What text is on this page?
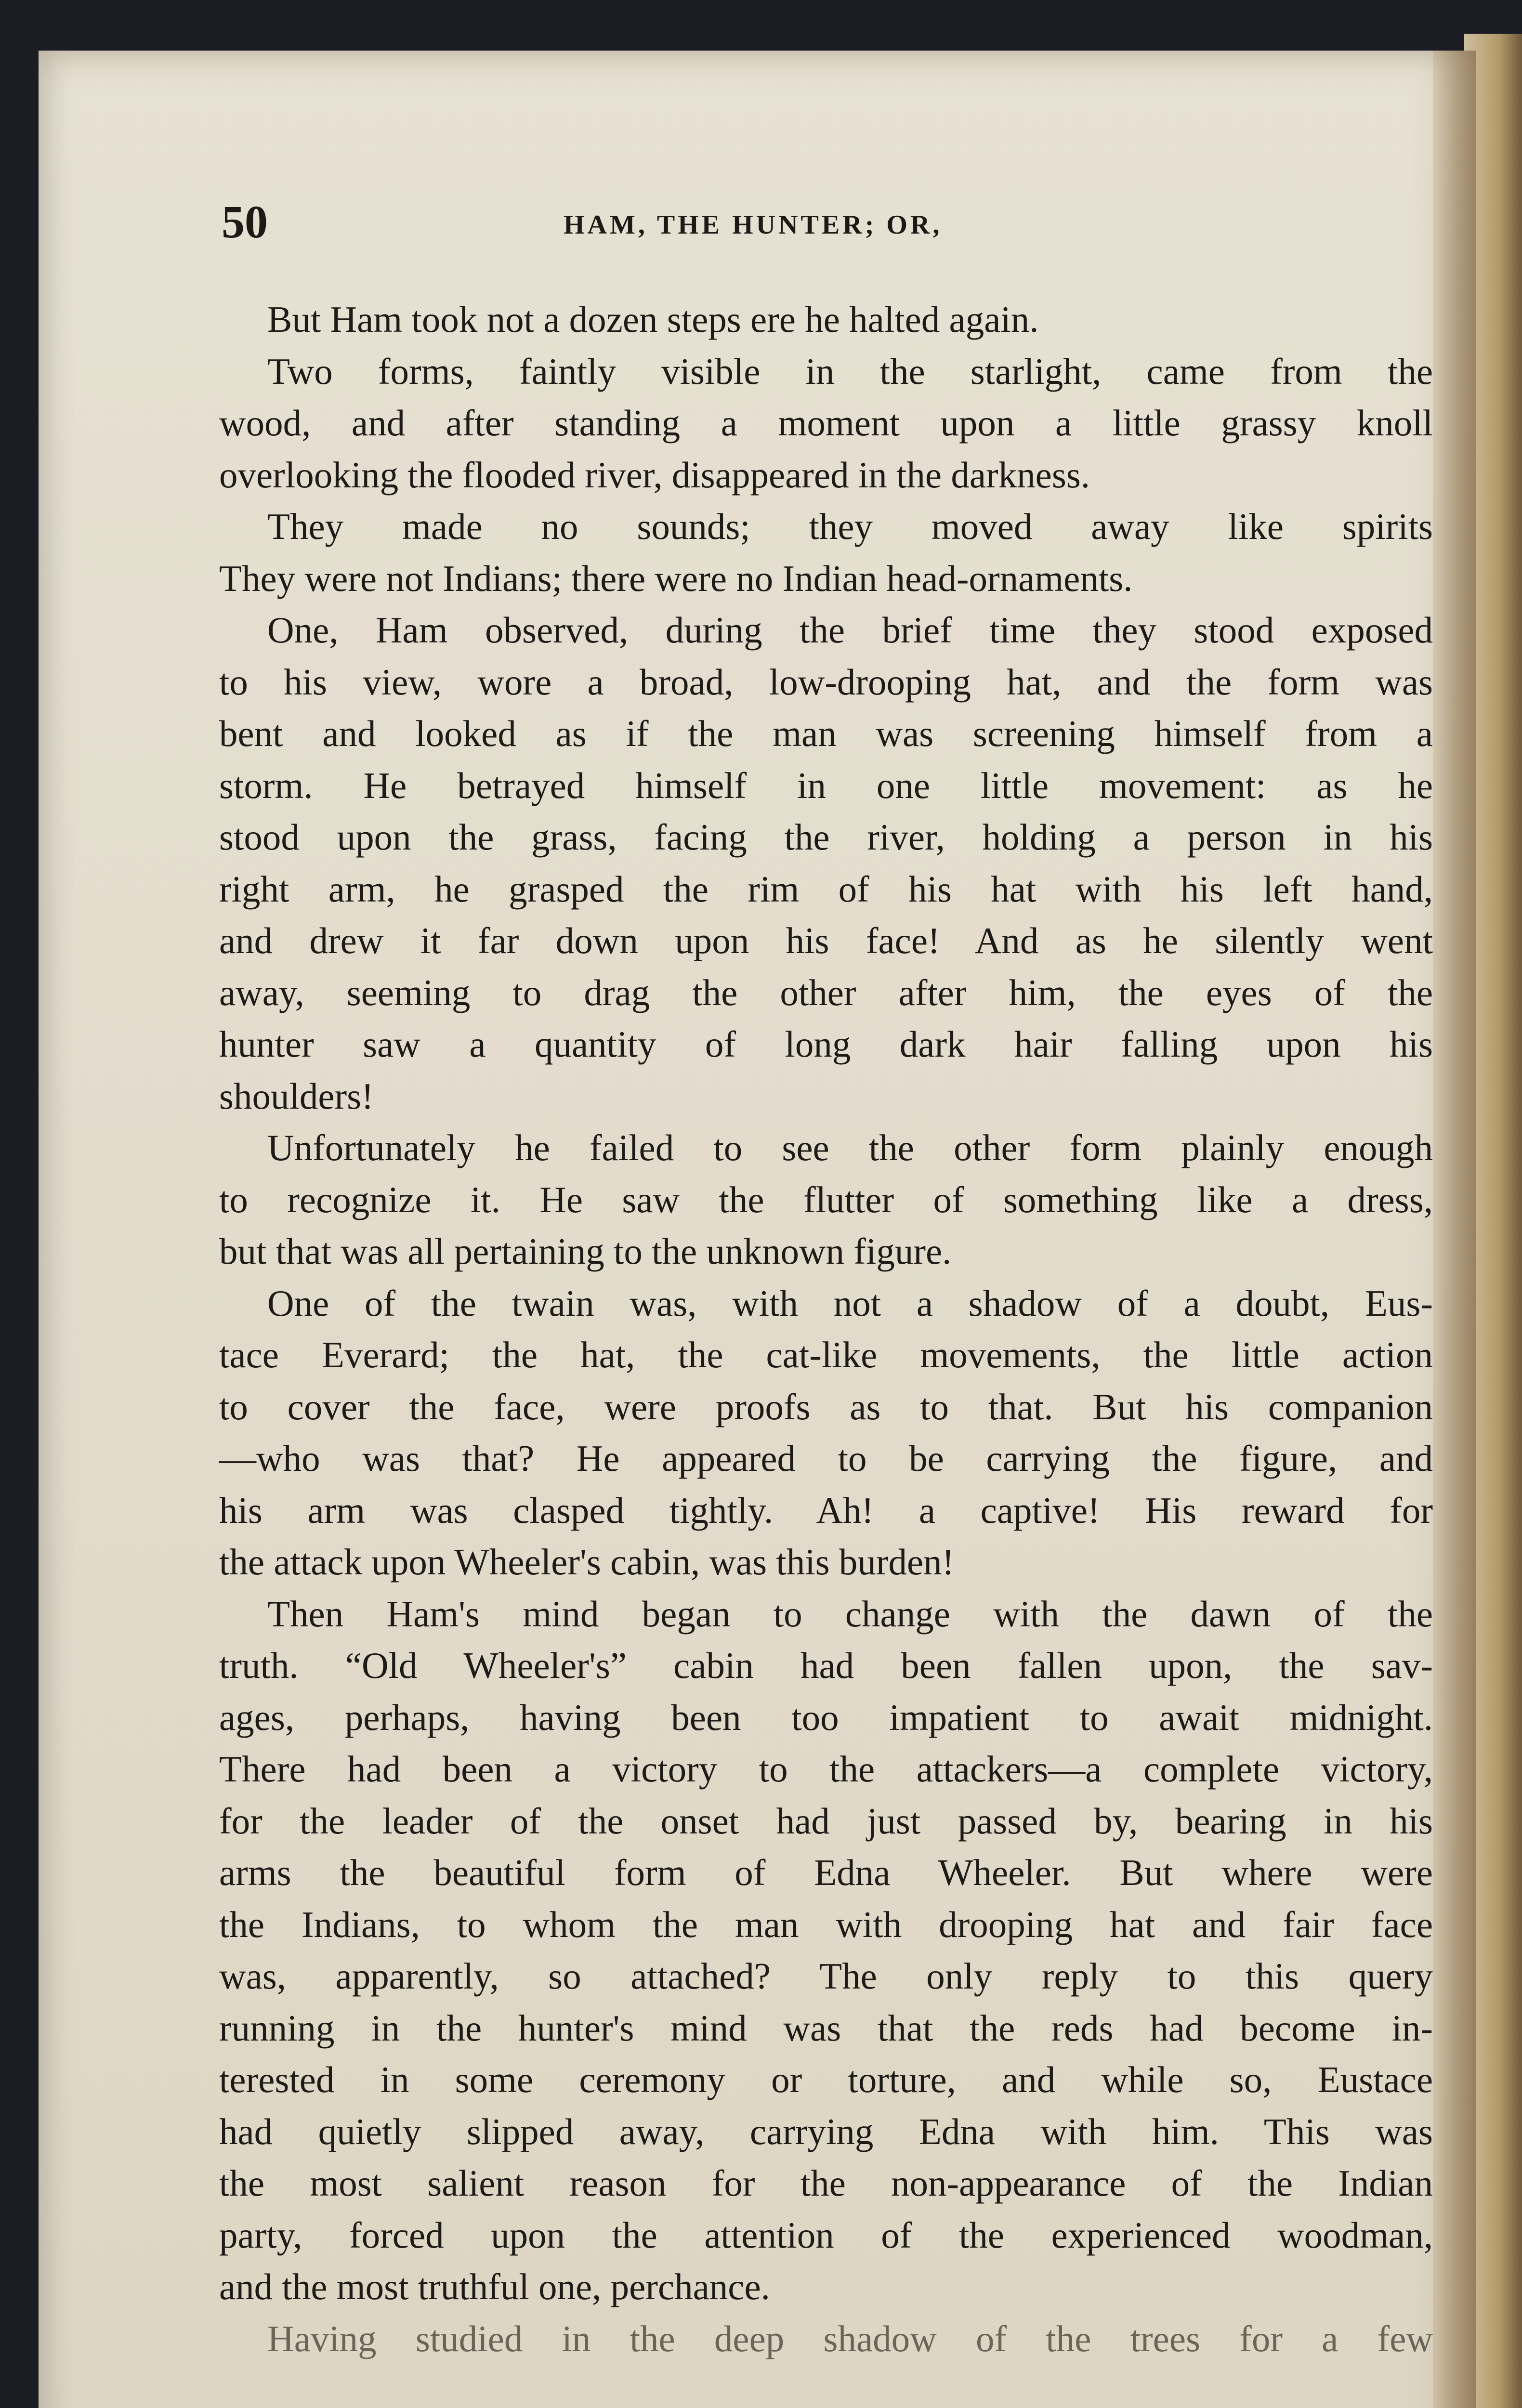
50	HAM, THE HUNTER; OR,
But Ham took not a dozen steps ere he halted again.
Two forms, faintly visible in the starlight, came from the
wood, and after standing a moment upon a little grassy knoll
overlooking the flooded river, disappeared in the darkness.
They made no sounds; they moved away like spirits
They were not Indians; there were no Indian head-ornaments.
One, Ham observed, during the brief time they stood exposed
to his view, wore a broad, low-drooping hat, and the form was
bent and looked as if the man was screening himself from a
storm. He betrayed himself in one little movement: as he
stood upon the grass, facing the river, holding a person in his
right arm, he grasped the rim of his hat with his left hand,
and drew it far down upon his face! And as he silently went
away, seeming to drag the other after him, the eyes of the
hunter saw a quantity of long dark hair falling upon his
shoulders!
Unfortunately he failed to see the other form plainly enough
to recognize it. He saw the flutter of something like a dress,
but that was all pertaining to the unknown figure.
One of the twain was, with not a shadow of a doubt, Eus-
tace Everard; the hat, the cat-like movements, the little action
to cover the face, were proofs as to that. But his companion
—who was that? He appeared to be carrying the figure, and
his arm was clasped tightly. Ah! a captive! His reward for
the attack upon Wheeler's cabin, was this burden!
Then Ham's mind began to change with the dawn of the
truth. “Old Wheeler's” cabin had been fallen upon, the sav-
ages, perhaps, having been too impatient to await midnight.
There had been a victory to the attackers—a complete victory,
for the leader of the onset had just passed by, bearing in his
arms the beautiful form of Edna Wheeler. But where were
the Indians, to whom the man with drooping hat and fair face
was, apparently, so attached? The only reply to this query
running in the hunter's mind was that the reds had become in-
terested in some ceremony or torture, and while so, Eustace
had quietly slipped away, carrying Edna with him. This was
the most salient reason for the non-appearance of the Indian
party, forced upon the attention of the experienced woodman,
and the most truthful one, perchance.
Having studied in the deep shadow of the trees for a few
